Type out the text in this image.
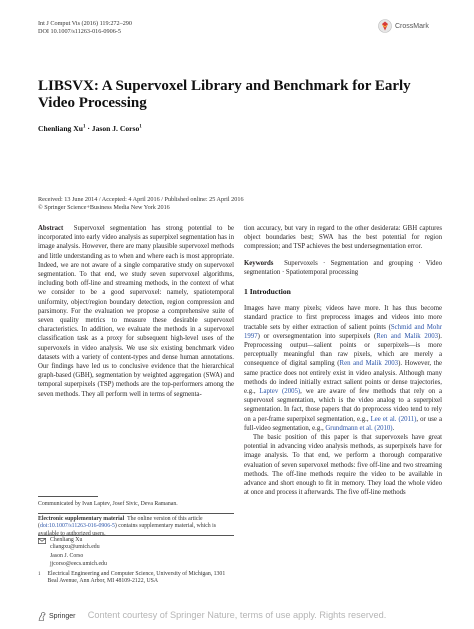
Int J Comput Vis (2016) 119:272–290
DOI 10.1007/s11263-016-0906-5
CrossMark
LIBSVX: A Supervoxel Library and Benchmark for Early Video Processing
Chenliang $Xu^1$ · Jason J. Corso$^1$
Received: 13 June 2014 / Accepted: 4 April 2016 / Published online: 25 April 2016
© Springer Science+Business Media New York 2016

Abstract Supervoxel segmentation has strong potential to be incorporated into early video analysis as superpixel segmentation has in image analysis. However, there are many plausible supervoxel methods and little understanding as to when and where each is most appropriate. Indeed, we are not aware of a single comparative study on supervoxel segmentation. To that end, we study seven supervoxel algorithms, including both off-line and streaming methods, in the context of what we consider to be a good supervoxel: namely, spatiotemporal uniformity, object/region boundary detection, region compression and parsimony. For the evaluation we propose a comprehensive suite of seven quality metrics to measure these desirable supervoxel characteristics. In addition, we evaluate the methods in a supervoxel classification task as a proxy for subsequent high-level uses of the supervoxels in video analysis. We use six existing benchmark video datasets with a variety of content-types and dense human annotations. Our findings have led us to conclusive evidence that the hierarchical graph-based (GBH), segmentation by weighted aggregation (SWA) and temporal superpixels (TSP) methods are the top-performers among the seven methods. They all perform well in terms of segmenta-

Communicated by Ivan Laptev, Josef Sivic, Deva Ramanan.
Electronic supplementary material The online version of this article (doi:10.1007/s11263-016-0906-5) contains supplementary material, which is available to authorized users.
Chenliang Xu
cliangxu@umich.edu
Jason J. Corso
jjcorso@eecs.umich.edu
1 Electrical Engineering and Computer Science, University of Michigan, 1301 Beal Avenue, Ann Arbor, MI 48109-2122, USA

tion accuracy, but vary in regard to the other desiderata: GBH captures object boundaries best; SWA has the best potential for region compression; and TSP achieves the best undersegmentation error.

Keywords Supervoxels · Segmentation and grouping · Video segmentation · Spatiotemporal processing

1 Introduction

Images have many pixels; videos have more. It has thus become standard practice to first preprocess images and videos into more tractable sets by either extraction of salient points (Schmid and Mohr 1997) or oversegmentation into superpixels (Ren and Malik 2003). Preprocessing output—salient points or superpixels—is more perceptually meaningful than raw pixels, which are merely a consequence of digital sampling (Ren and Malik 2003). However, the same practice does not entirely exist in video analysis. Although many methods do indeed initially extract salient points or dense trajectories, e.g., Laptev (2005), we are aware of few methods that rely on a supervoxel segmentation, which is the video analog to a superpixel segmentation. In fact, those papers that do preprocess video tend to rely on a per-frame superpixel segmentation, e.g., Lee et al. (2011), or use a full-video segmentation, e.g., Grundmann et al. (2010).

The basic position of this paper is that supervoxels have great potential in advancing video analysis methods, as superpixels have for image analysis. To that end, we perform a thorough comparative evaluation of seven supervoxel methods: five off-line and two streaming methods. The off-line methods require the video to be available in advance and short enough to fit in memory. They load the whole video at once and process it afterwards. The five off-line methods

Springer	Content courtesy of Springer Nature, terms of use apply. Rights reserved.
